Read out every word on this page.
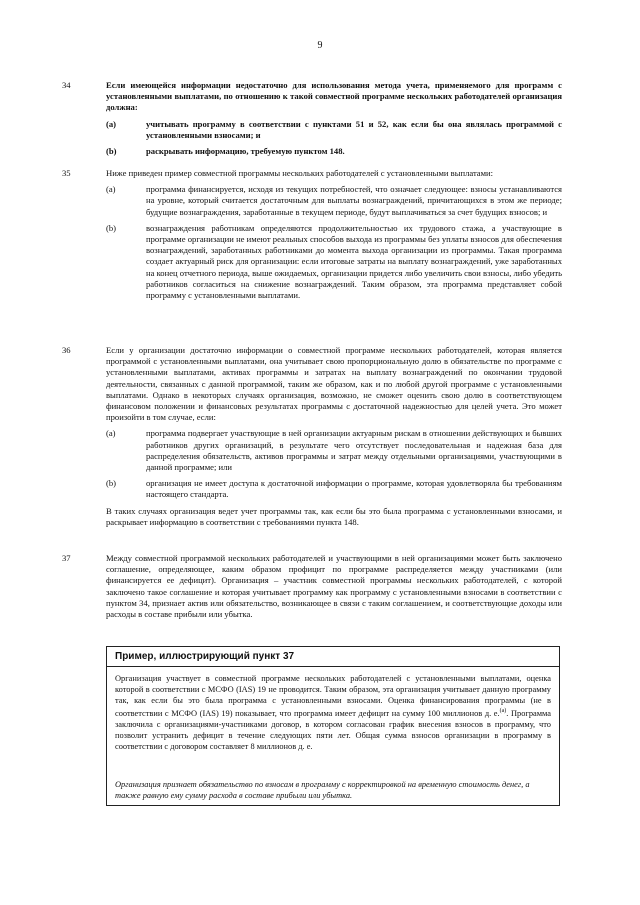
9
34	Если имеющейся информации недостаточно для использования метода учета, применяемого для программ с установленными выплатами, по отношению к такой совместной программе нескольких работодателей организация должна:
(a)	учитывать программу в соответствии с пунктами 51 и 52, как если бы она являлась программой с установленными взносами; и
(b)	раскрывать информацию, требуемую пунктом 148.
35	Ниже приведен пример совместной программы нескольких работодателей с установленными выплатами:
(a)	программа финансируется, исходя из текущих потребностей, что означает следующее: взносы устанавливаются на уровне, который считается достаточным для выплаты вознаграждений, причитающихся в этом же периоде; будущие вознаграждения, заработанные в текущем периоде, будут выплачиваться за счет будущих взносов; и
(b)	вознаграждения работникам определяются продолжительностью их трудового стажа, а участвующие в программе организации не имеют реальных способов выхода из программы без уплаты взносов для обеспечения вознаграждений, заработанных работниками до момента выхода организации из программы. Такая программа создает актуарный риск для организации: если итоговые затраты на выплату вознаграждений, уже заработанных на конец отчетного периода, выше ожидаемых, организации придется либо увеличить свои взносы, либо убедить работников согласиться на снижение вознаграждений. Таким образом, эта программа представляет собой программу с установленными выплатами.
36	Если у организации достаточно информации о совместной программе нескольких работодателей, которая является программой с установленными выплатами, она учитывает свою пропорциональную долю в обязательстве по программе с установленными выплатами, активах программы и затратах на выплату вознаграждений по окончании трудовой деятельности, связанных с данной программой, таким же образом, как и по любой другой программе с установленными выплатами. Однако в некоторых случаях организация, возможно, не сможет оценить свою долю в соответствующем финансовом положении и финансовых результатах программы с достаточной надежностью для целей учета. Это может произойти в том случае, если:
(a)	программа подвергает участвующие в ней организации актуарным рискам в отношении действующих и бывших работников других организаций, в результате чего отсутствует последовательная и надежная база для распределения обязательств, активов программы и затрат между отдельными организациями, участвующими в данной программе; или
(b)	организация не имеет доступа к достаточной информации о программе, которая удовлетворяла бы требованиям настоящего стандарта.
В таких случаях организация ведет учет программы так, как если бы это была программа с установленными взносами, и раскрывает информацию в соответствии с требованиями пункта 148.
37	Между совместной программой нескольких работодателей и участвующими в ней организациями может быть заключено соглашение, определяющее, каким образом профицит по программе распределяется между участниками (или финансируется ее дефицит). Организация – участник совместной программы нескольких работодателей, с которой заключено такое соглашение и которая учитывает программу как программу с установленными взносами в соответствии с пунктом 34, признает актив или обязательство, возникающее в связи с таким соглашением, и соответствующие доходы или расходы в составе прибыли или убытка.
Пример, иллюстрирующий пункт 37
Организация участвует в совместной программе нескольких работодателей с установленными выплатами, оценка которой в соответствии с МСФО (IAS) 19 не проводится. Таким образом, эта организация учитывает данную программу так, как если бы это была программа с установленными взносами. Оценка финансирования программы (не в соответствии с МСФО (IAS) 19) показывает, что программа имеет дефицит на сумму 100 миллионов д. е.$^{(a)}$. Программа заключила с организациями-участниками договор, в котором согласован график внесения взносов в программу, что позволит устранить дефицит в течение следующих пяти лет. Общая сумма взносов организации в программу в соответствии с договором составляет 8 миллионов д. е.
Организация признает обязательство по взносам в программу с корректировкой на временную стоимость денег, а также равную ему сумму расхода в составе прибыли или убытка.
